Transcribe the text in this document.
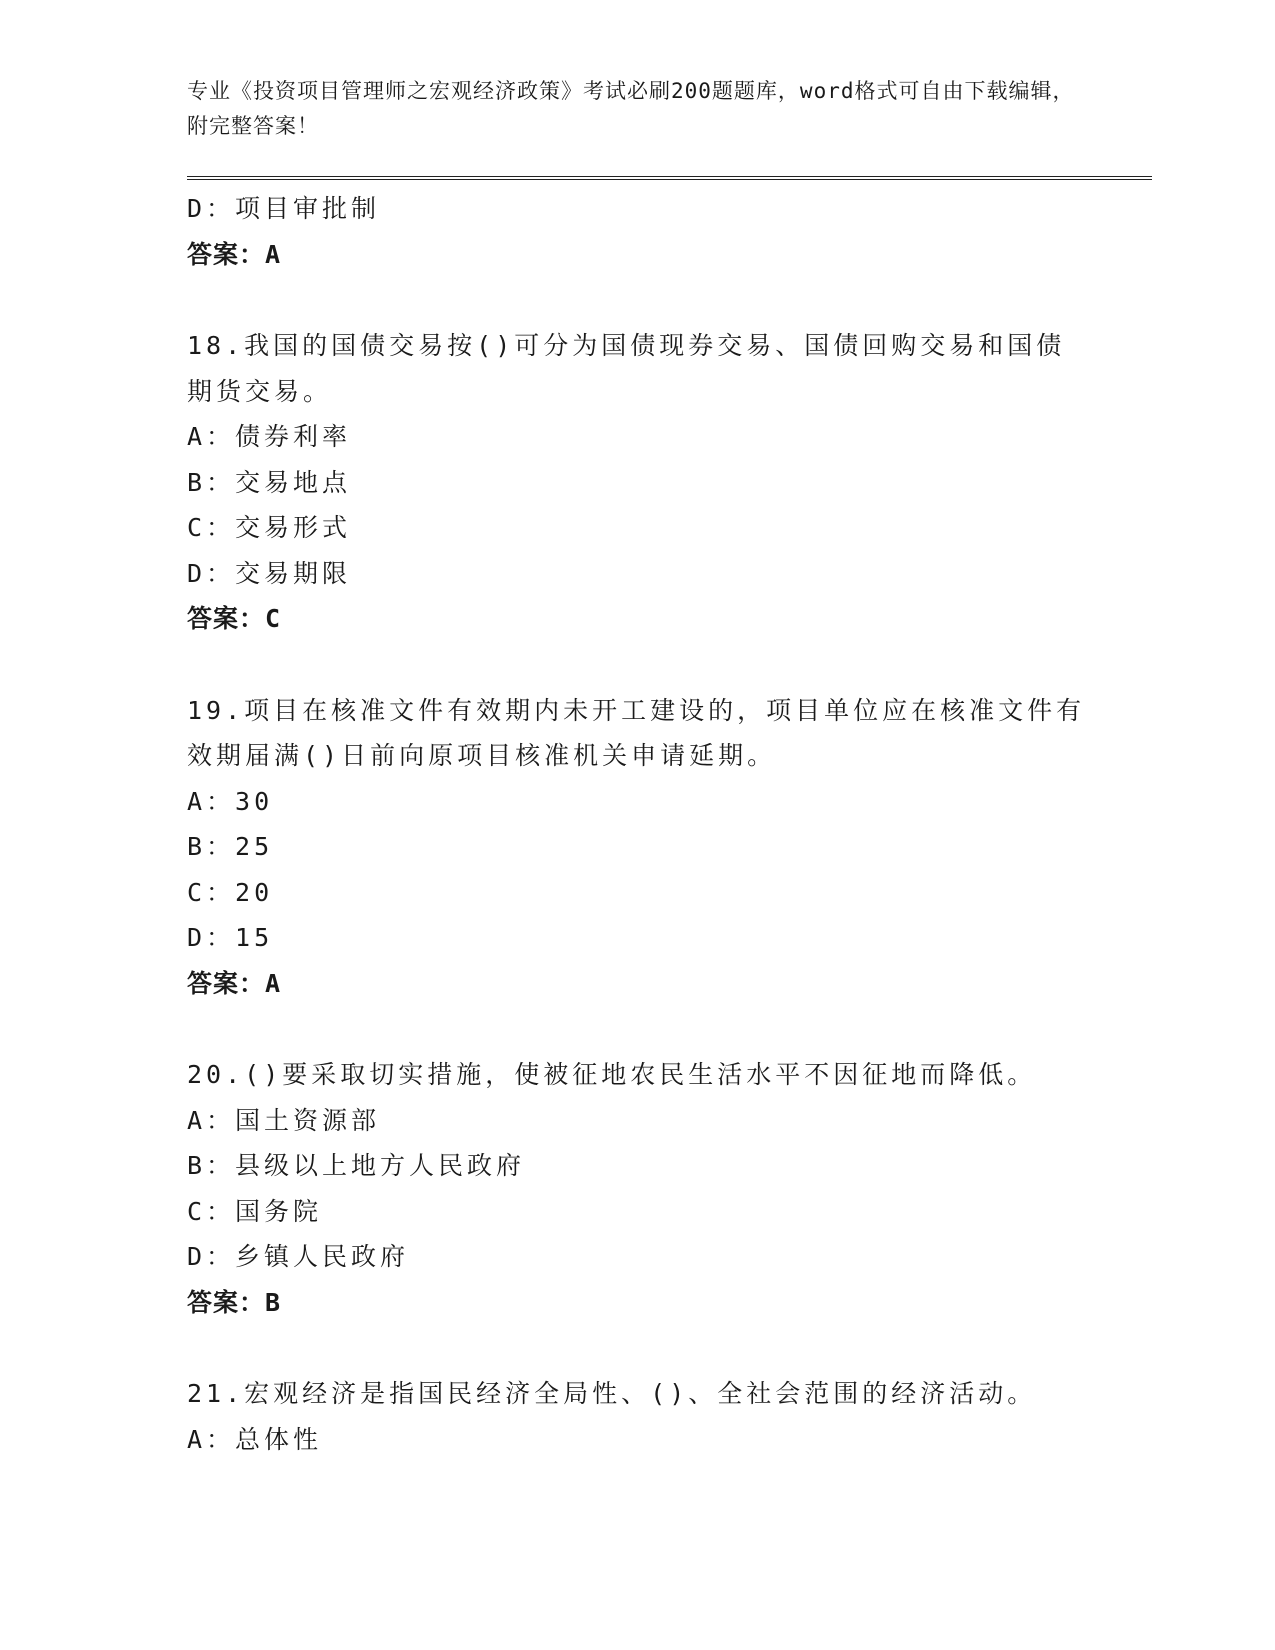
专业《投资项目管理师之宏观经济政策》考试必刷200题题库，word格式可自由下载编辑，附完整答案！
D：项目审批制
答案：A
18.我国的国债交易按()可分为国债现券交易、国债回购交易和国债期货交易。
A：债券利率
B：交易地点
C：交易形式
D：交易期限
答案：C
19.项目在核准文件有效期内未开工建设的，项目单位应在核准文件有效期届满()日前向原项目核准机关申请延期。
A：30
B：25
C：20
D：15
答案：A
20.()要采取切实措施，使被征地农民生活水平不因征地而降低。
A：国土资源部
B：县级以上地方人民政府
C：国务院
D：乡镇人民政府
答案：B
21.宏观经济是指国民经济全局性、()、全社会范围的经济活动。
A：总体性
